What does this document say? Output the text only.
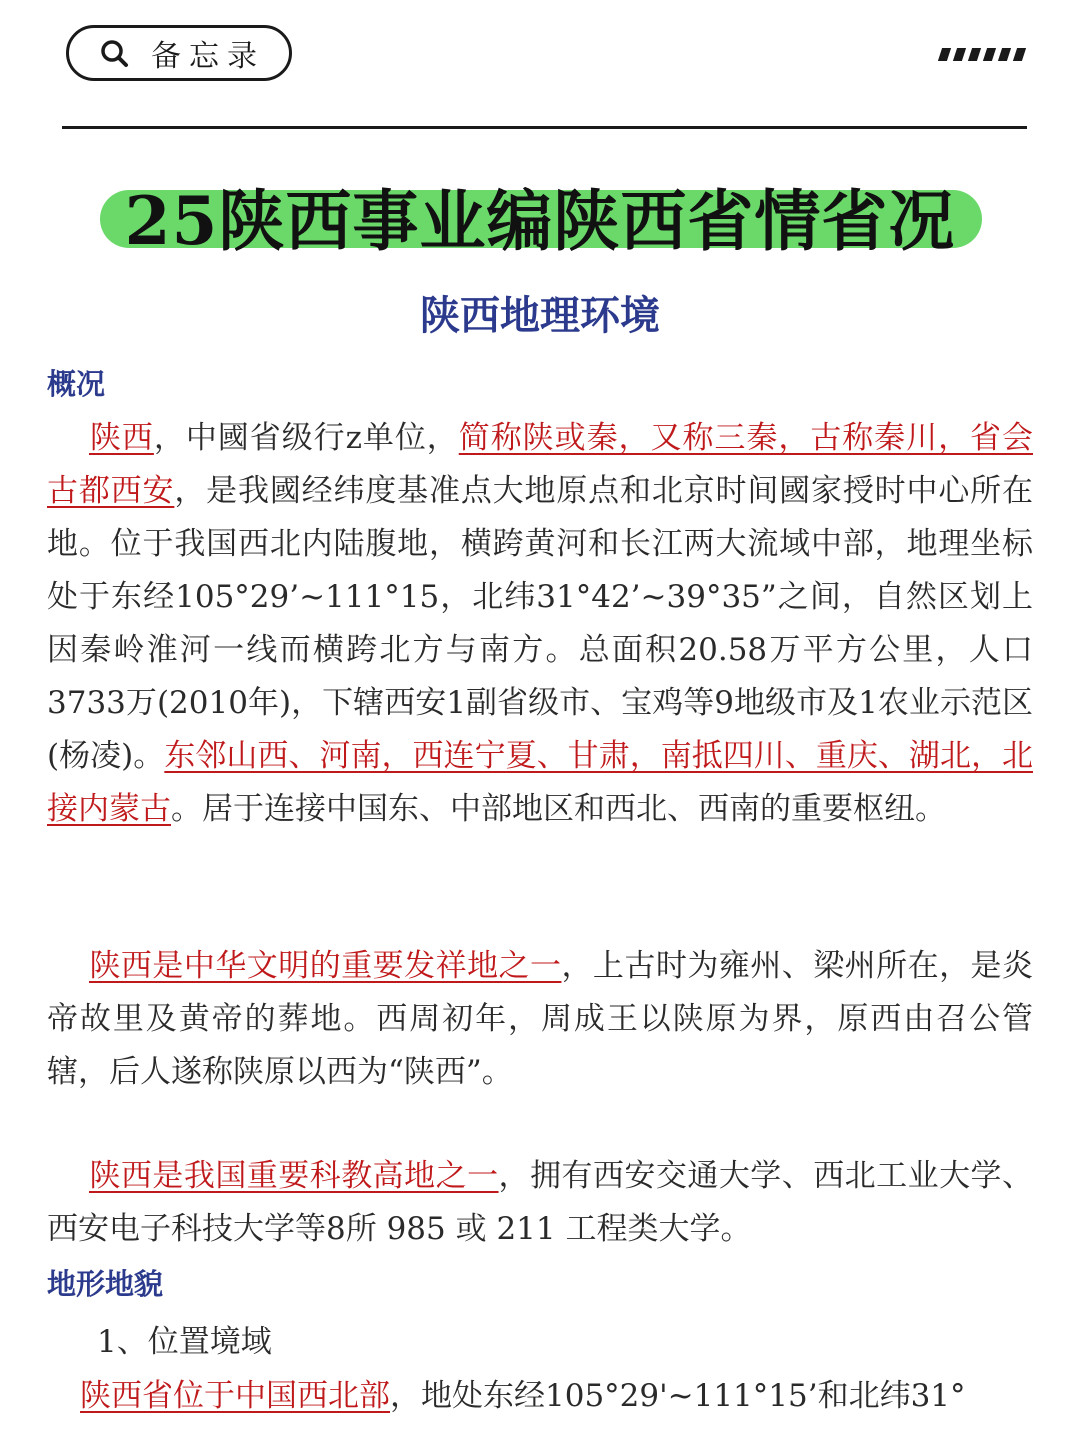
备忘录
25陕西事业编陕西省情省况
陕西地理环境
概况
陕西，中國省级行z单位，简称陕或秦，又称三秦，古称秦川，省会古都西安，是我國经纬度基准点大地原点和北京时间國家授时中心所在地。位于我国西北内陆腹地，横跨黄河和长江两大流域中部，地理坐标处于东经105°29’~111°15，北纬31°42’~39°35”之间，自然区划上因秦岭淮河一线而横跨北方与南方。总面积20.58万平方公里，人口 3733万(2010年)，下辖西安1副省级市、宝鸡等9地级市及1农业示范区(杨凌)。东邻山西、河南，西连宁夏、甘肃，南抵四川、重庆、湖北，北接内蒙古。居于连接中国东、中部地区和西北、西南的重要枢纽。
陕西是中华文明的重要发祥地之一，上古时为雍州、梁州所在，是炎帝故里及黄帝的葬地。西周初年，周成王以陕原为界，原西由召公管辖，后人遂称陕原以西为“陕西”。
陕西是我国重要科教高地之一，拥有西安交通大学、西北工业大学、西安电子科技大学等8所 985 或 211 工程类大学。
地形地貌
1、位置境域
陕西省位于中国西北部，地处东经105°29'~111°15’和北纬31°
